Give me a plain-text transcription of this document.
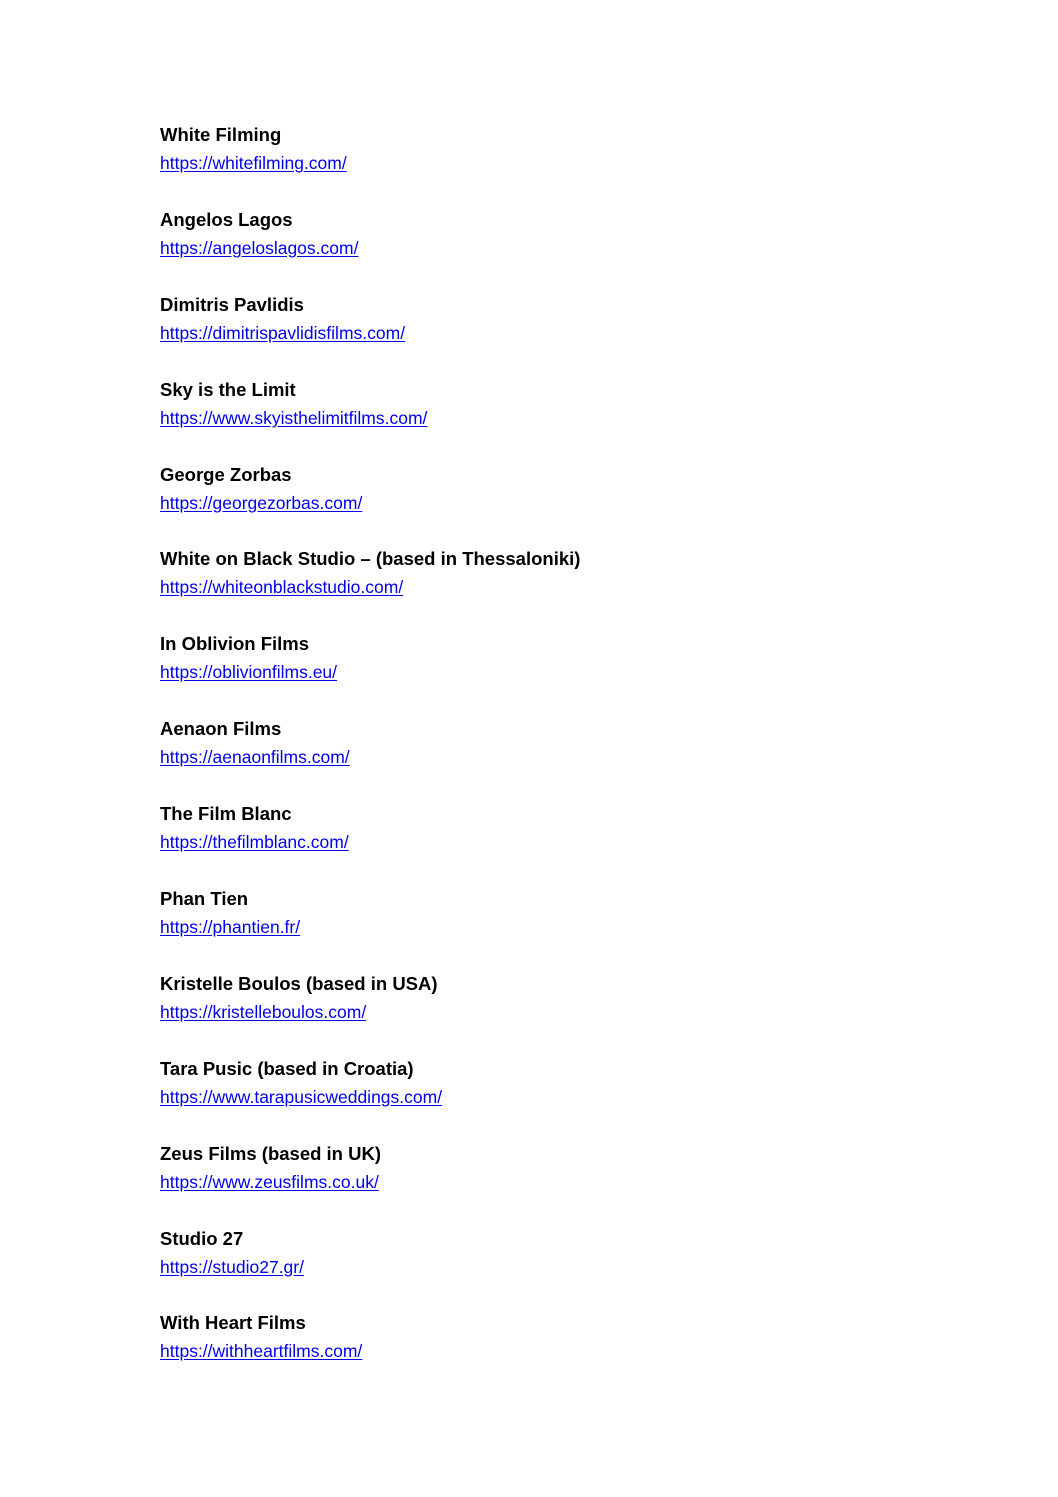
White Filming
https://whitefilming.com/
Angelos Lagos
https://angeloslagos.com/
Dimitris Pavlidis
https://dimitrispavlidisfilms.com/
Sky is the Limit
https://www.skyisthelimitfilms.com/
George Zorbas
https://georgezorbas.com/
White on Black Studio – (based in Thessaloniki)
https://whiteonblackstudio.com/
In Oblivion Films
https://oblivionfilms.eu/
Aenaon Films
https://aenaonfilms.com/
The Film Blanc
https://thefilmblanc.com/
Phan Tien
https://phantien.fr/
Kristelle Boulos (based in USA)
https://kristelleboulos.com/
Tara Pusic (based in Croatia)
https://www.tarapusicweddings.com/
Zeus Films (based in UK)
https://www.zeusfilms.co.uk/
Studio 27
https://studio27.gr/
With Heart Films
https://withheartfilms.com/
